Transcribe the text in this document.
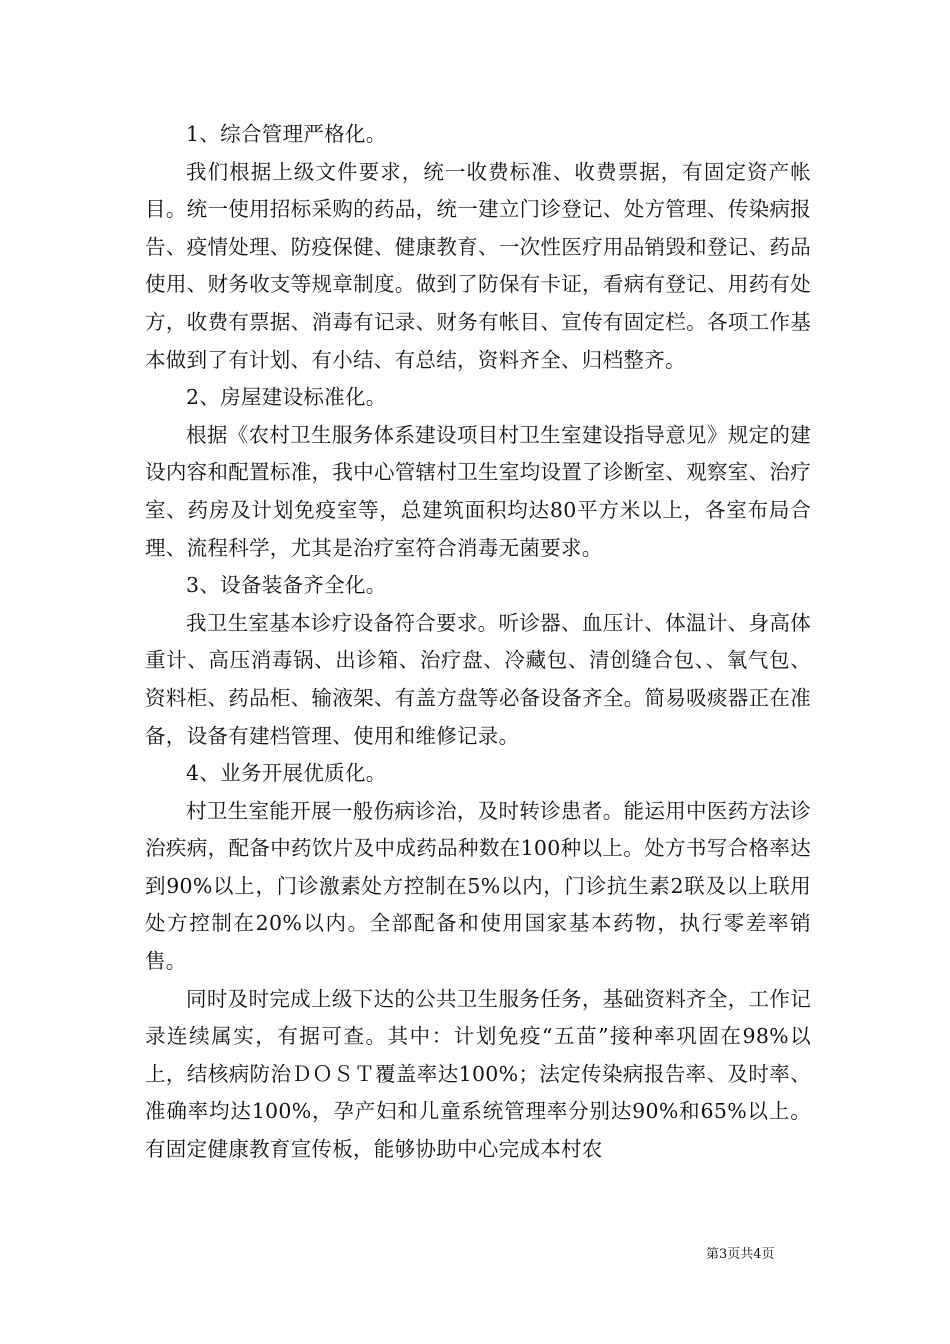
1、综合管理严格化。

我们根据上级文件要求，统一收费标准、收费票据，有固定资产帐目。统一使用招标采购的药品，统一建立门诊登记、处方管理、传染病报告、疫情处理、防疫保健、健康教育、一次性医疗用品销毁和登记、药品使用、财务收支等规章制度。做到了防保有卡证，看病有登记、用药有处方，收费有票据、消毒有记录、财务有帐目、宣传有固定栏。各项工作基本做到了有计划、有小结、有总结，资料齐全、归档整齐。

2、房屋建设标准化。

根据《农村卫生服务体系建设项目村卫生室建设指导意见》规定的建设内容和配置标准，我中心管辖村卫生室均设置了诊断室、观察室、治疗室、药房及计划免疫室等，总建筑面积均达80平方米以上，各室布局合理、流程科学，尤其是治疗室符合消毒无菌要求。

3、设备装备齐全化。

我卫生室基本诊疗设备符合要求。听诊器、血压计、体温计、身高体重计、高压消毒锅、出诊箱、治疗盘、冷藏包、清创缝合包、、氧气包、资料柜、药品柜、输液架、有盖方盘等必备设备齐全。简易吸痰器正在准备，设备有建档管理、使用和维修记录。

4、业务开展优质化。

村卫生室能开展一般伤病诊治，及时转诊患者。能运用中医药方法诊治疾病，配备中药饮片及中成药品种数在100种以上。处方书写合格率达到90%以上，门诊激素处方控制在5%以内，门诊抗生素2联及以上联用处方控制在20%以内。全部配备和使用国家基本药物，执行零差率销售。

同时及时完成上级下达的公共卫生服务任务，基础资料齐全，工作记录连续属实，有据可查。其中：计划免疫“五苗”接种率巩固在98%以上，结核病防治ＤＯＳＴ覆盖率达100%；法定传染病报告率、及时率、准确率均达100%，孕产妇和儿童系统管理率分别达90%和65%以上。有固定健康教育宣传板，能够协助中心完成本村农

第3页共4页
